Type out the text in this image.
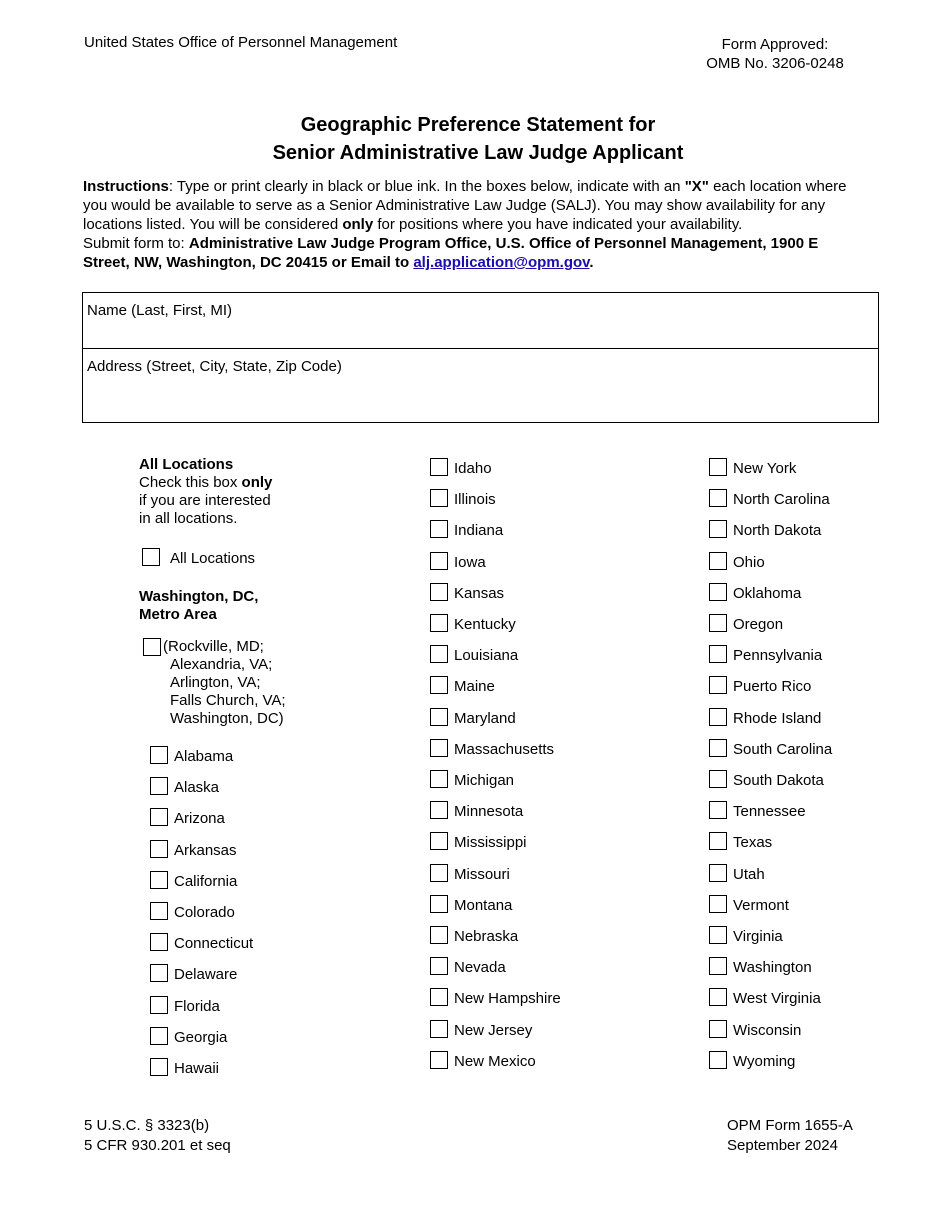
United States Office of Personnel Management	Form Approved:
OMB No. 3206-0248
Geographic Preference Statement for
Senior Administrative Law Judge Applicant
Instructions: Type or print clearly in black or blue ink. In the boxes below, indicate with an "X" each location where you would be available to serve as a Senior Administrative Law Judge (SALJ). You may show availability for any locations listed. You will be considered only for positions where you have indicated your availability.
Submit form to: Administrative Law Judge Program Office, U.S. Office of Personnel Management, 1900 E Street, NW, Washington, DC 20415 or Email to alj.application@opm.gov.
Name (Last, First, MI)
Address (Street, City, State, Zip Code)
All Locations
Check this box only
if you are interested
in all locations.
All Locations
Washington, DC,
Metro Area
(Rockville, MD;
Alexandria, VA;
Arlington, VA;
Falls Church, VA;
Washington, DC)
Alabama
Alaska
Arizona
Arkansas
California
Colorado
Connecticut
Delaware
Florida
Georgia
Hawaii
Idaho
Illinois
Indiana
Iowa
Kansas
Kentucky
Louisiana
Maine
Maryland
Massachusetts
Michigan
Minnesota
Mississippi
Missouri
Montana
Nebraska
Nevada
New Hampshire
New Jersey
New Mexico
New York
North Carolina
North Dakota
Ohio
Oklahoma
Oregon
Pennsylvania
Puerto Rico
Rhode Island
South Carolina
South Dakota
Tennessee
Texas
Utah
Vermont
Virginia
Washington
West Virginia
Wisconsin
Wyoming
5 U.S.C. § 3323(b)
5 CFR 930.201 et seq
OPM Form 1655-A
September 2024
